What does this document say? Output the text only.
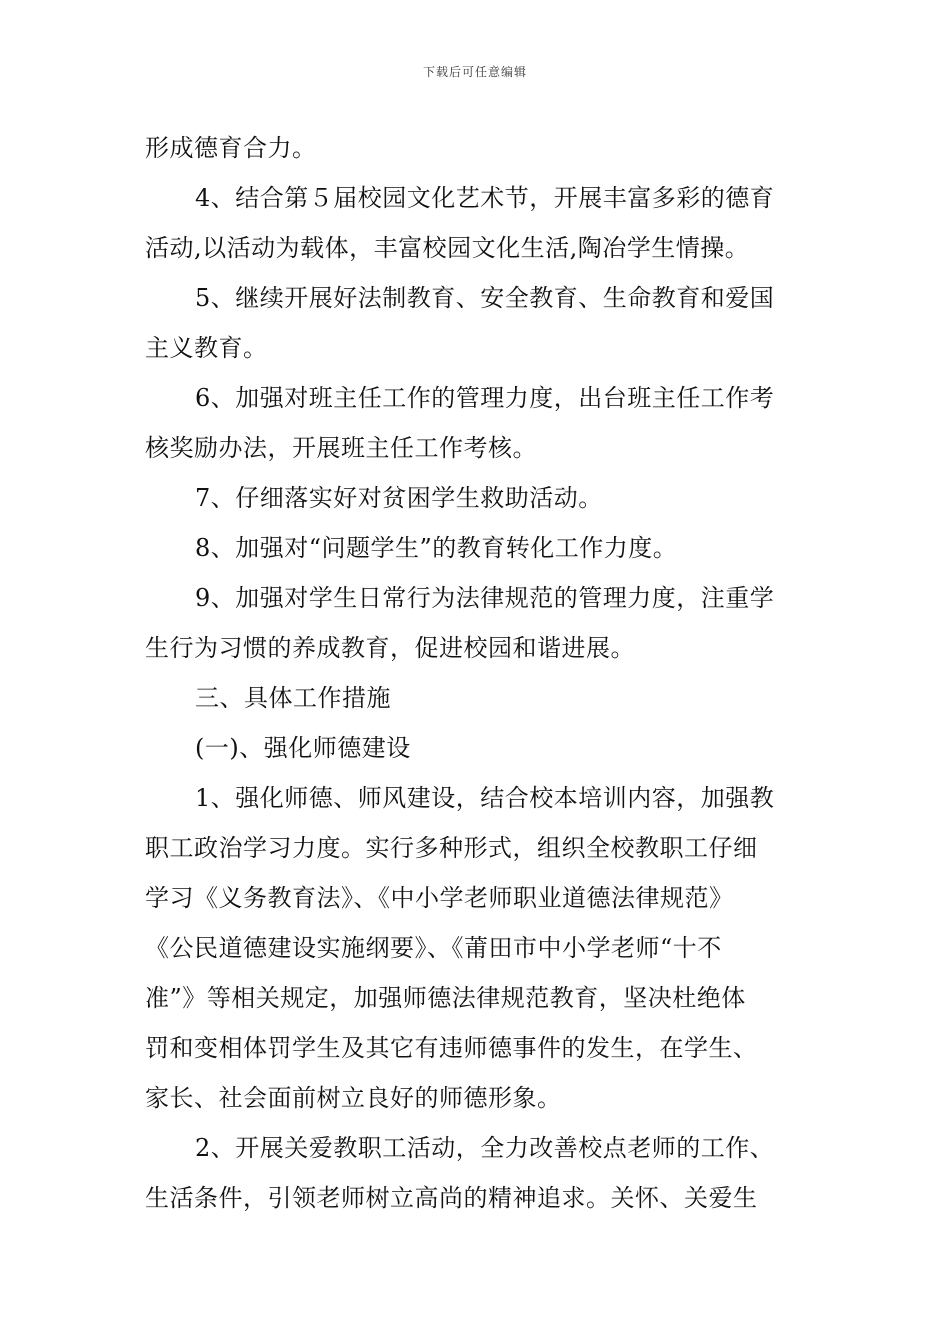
下载后可任意编辑
形成德育合力。
4、结合第５届校园文化艺术节，开展丰富多彩的德育
活动,以活动为载体，丰富校园文化生活,陶冶学生情操。
5、继续开展好法制教育、安全教育、生命教育和爱国
主义教育。
6、加强对班主任工作的管理力度，出台班主任工作考
核奖励办法，开展班主任工作考核。
7、仔细落实好对贫困学生救助活动。
8、加强对“问题学生”的教育转化工作力度。
9、加强对学生日常行为法律规范的管理力度，注重学
生行为习惯的养成教育，促进校园和谐进展。
三、具体工作措施
(一)、强化师德建设
1、强化师德、师风建设，结合校本培训内容，加强教
职工政治学习力度。实行多种形式，组织全校教职工仔细
学习《义务教育法》、《中小学老师职业道德法律规范》
《公民道德建设实施纲要》、《莆田市中小学老师“十不
准”》等相关规定，加强师德法律规范教育，坚决杜绝体
罚和变相体罚学生及其它有违师德事件的发生，在学生、
家长、社会面前树立良好的师德形象。
2、开展关爱教职工活动，全力改善校点老师的工作、
生活条件，引领老师树立高尚的精神追求。关怀、关爱生
